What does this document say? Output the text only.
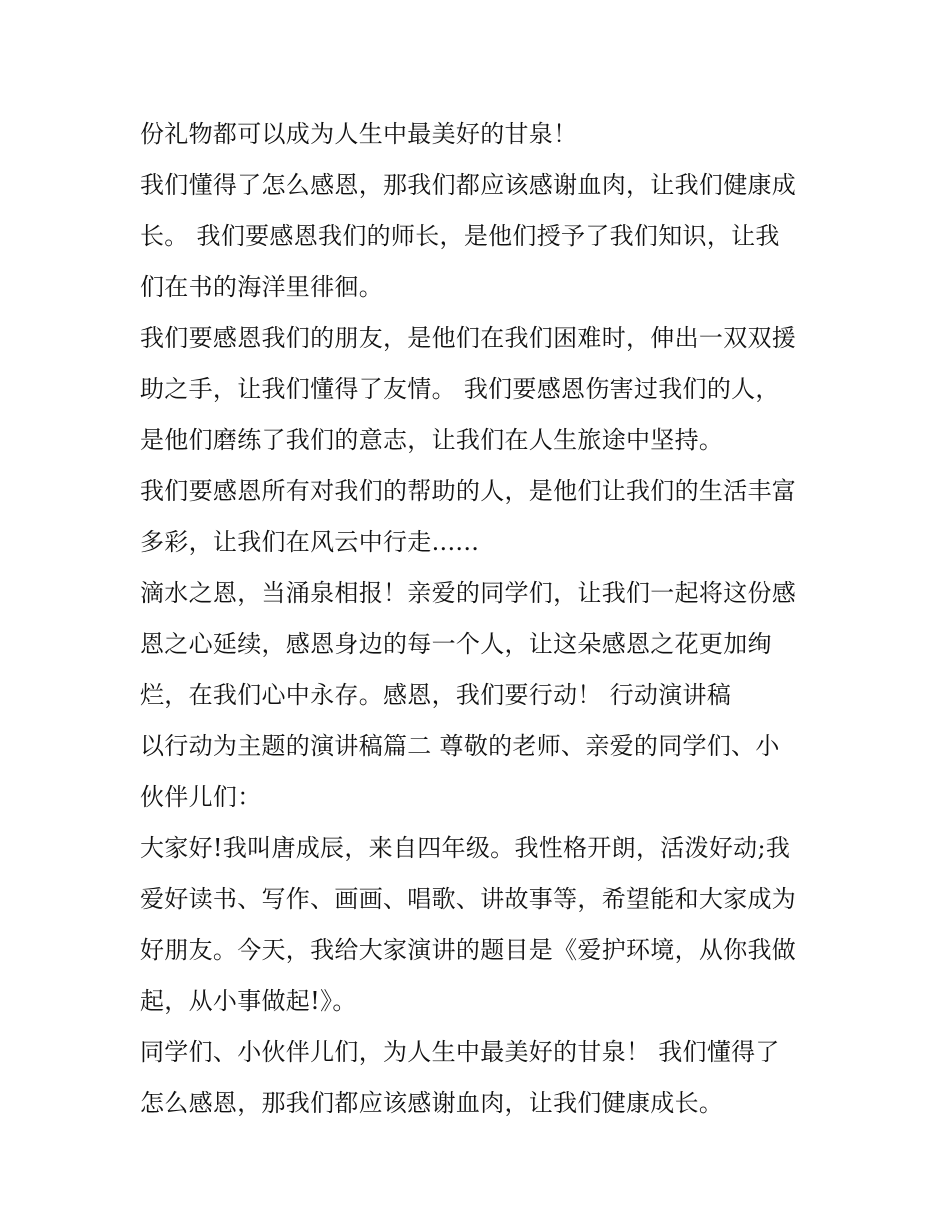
份礼物都可以成为人生中最美好的甘泉！
我们懂得了怎么感恩，那我们都应该感谢血肉，让我们健康成
长。 我们要感恩我们的师长，是他们授予了我们知识，让我
们在书的海洋里徘徊。
我们要感恩我们的朋友，是他们在我们困难时，伸出一双双援
助之手，让我们懂得了友情。 我们要感恩伤害过我们的人，
是他们磨练了我们的意志，让我们在人生旅途中坚持。
我们要感恩所有对我们的帮助的人，是他们让我们的生活丰富
多彩，让我们在风云中行走......
滴水之恩，当涌泉相报！亲爱的同学们，让我们一起将这份感
恩之心延续，感恩身边的每一个人，让这朵感恩之花更加绚
烂，在我们心中永存。感恩，我们要行动！ 行动演讲稿
以行动为主题的演讲稿篇二 尊敬的老师、亲爱的同学们、小
伙伴儿们：
大家好!我叫唐成辰，来自四年级。我性格开朗，活泼好动;我
爱好读书、写作、画画、唱歌、讲故事等，希望能和大家成为
好朋友。今天，我给大家演讲的题目是《爱护环境，从你我做
起，从小事做起!》。
同学们、小伙伴儿们，为人生中最美好的甘泉！ 我们懂得了
怎么感恩，那我们都应该感谢血肉，让我们健康成长。
